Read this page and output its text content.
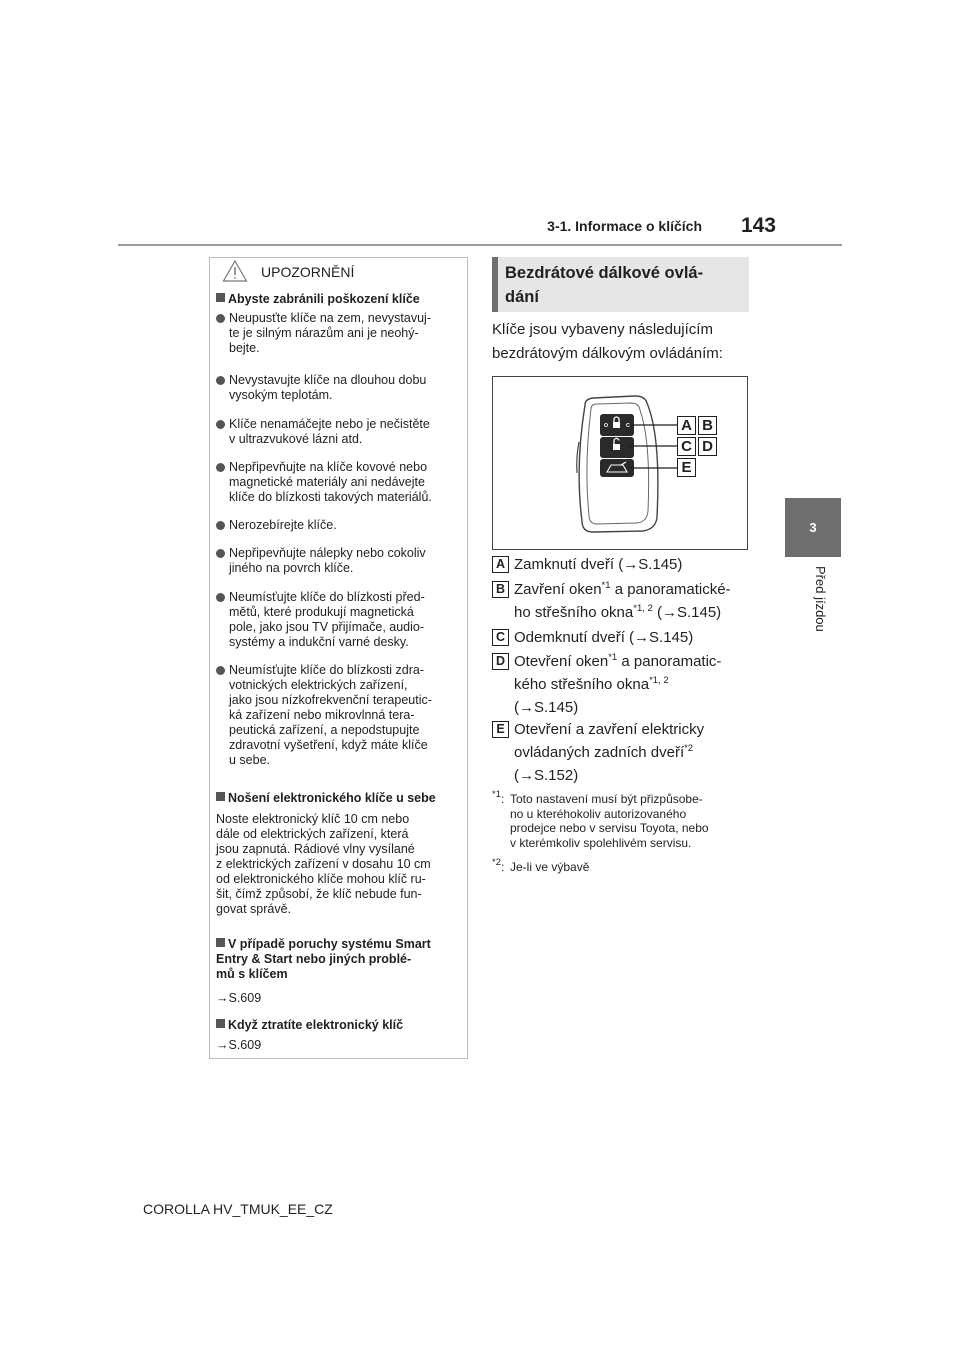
3-1. Informace o klíčích	143
3
Před jízdou
UPOZORNĚNÍ
Abyste zabránili poškození klíče
Neupusťte klíče na zem, nevystavuj-
te je silným nárazům ani je neohý-
bejte.
Nevystavujte klíče na dlouhou dobu
vysokým teplotám.
Klíče nenamáčejte nebo je nečistěte
v ultrazvukové lázni atd.
Nepřipevňujte na klíče kovové nebo
magnetické materiály ani nedávejte
klíče do blízkosti takových materiálů.
Nerozebírejte klíče.
Nepřipevňujte nálepky nebo cokoliv
jiného na povrch klíče.
Neumísťujte klíče do blízkosti před-
mětů, které produkují magnetická
pole, jako jsou TV přijímače, audio-
systémy a indukční varné desky.
Neumísťujte klíče do blízkosti zdra-
votnických elektrických zařízení,
jako jsou nízkofrekvenční terapeutic-
ká zařízení nebo mikrovlnná tera-
peutická zařízení, a nepodstupujte
zdravotní vyšetření, když máte klíče
u sebe.
Nošení elektronického klíče u sebe
Noste elektronický klíč 10 cm nebo
dále od elektrických zařízení, která
jsou zapnutá. Rádiové vlny vysílané
z elektrických zařízení v dosahu 10 cm
od elektronického klíče mohou klíč ru-
šit, čímž způsobí, že klíč nebude fun-
govat správě.
V případě poruchy systému Smart
Entry & Start nebo jiných problé-
mů s klíčem
→S.609
Když ztratíte elektronický klíč
→S.609
Bezdrátové dálkové ovlá-
dání
Klíče jsou vybaveny následujícím
bezdrátovým dálkovým ovládáním:
A B
C D
E
A Zamknutí dveří (→S.145)
B Zavření oken$^{*1}$ a panoramatické-
ho střešního okna$^{*1, 2}$ (→S.145)
C Odemknutí dveří (→S.145)
D Otevření oken$^{*1}$ a panoramatic-
kého střešního okna$^{*1, 2}$
(→S.145)
E Otevření a zavření elektricky
ovládaných zadních dveří$^{*2}$
(→S.152)
$^{*1}$: Toto nastavení musí být přizpůsobe-
no u kteréhokoliv autorizovaného
prodejce nebo v servisu Toyota, nebo
v kterémkoliv spolehlivém servisu.
$^{*2}$: Je-li ve výbavě
COROLLA HV_TMUK_EE_CZ
